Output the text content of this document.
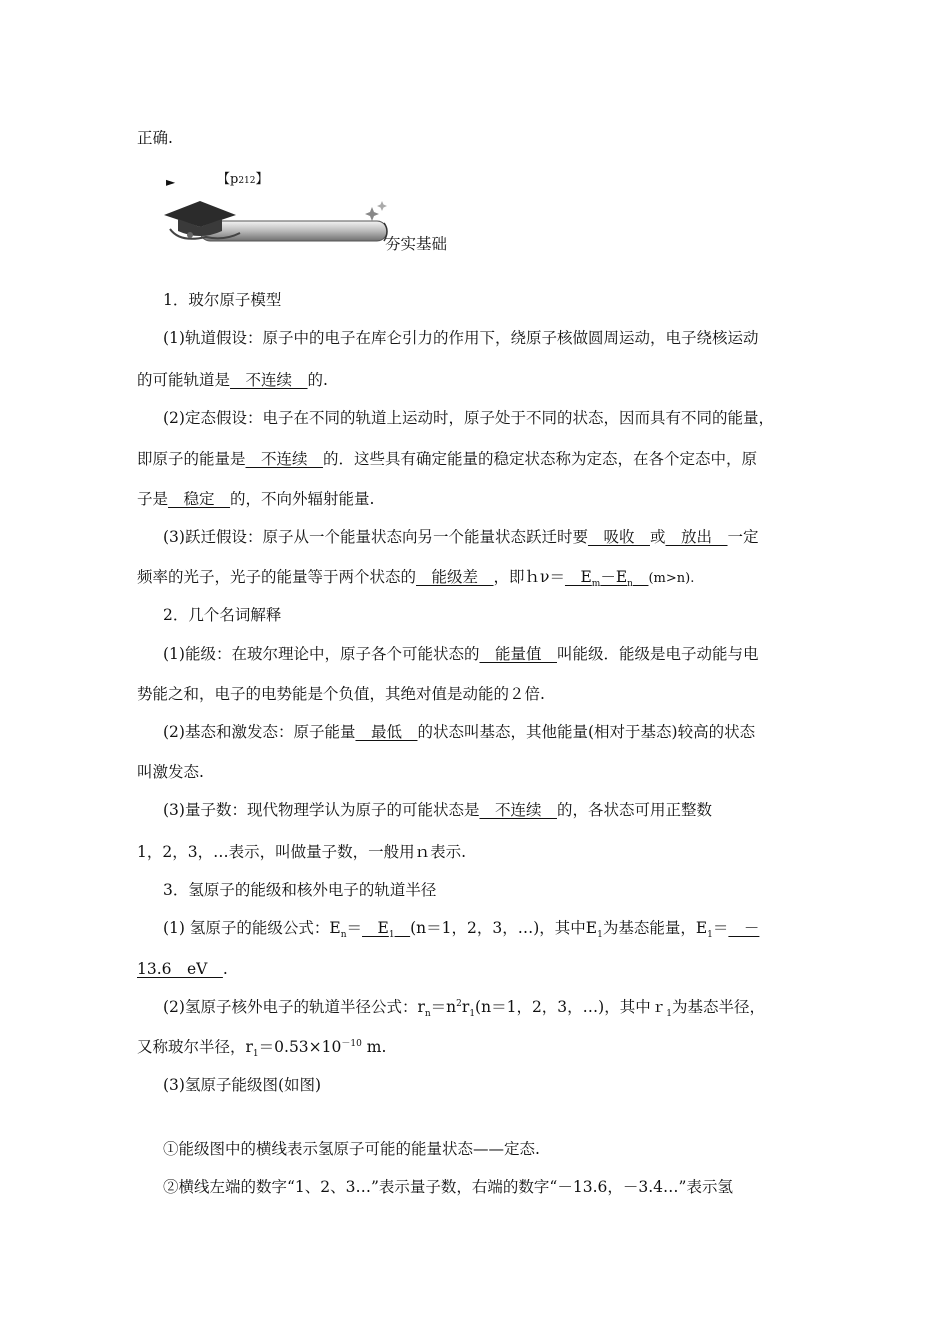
正确.
►	【p212】
夯实基础
1．玻尔原子模型
(1)轨道假设：原子中的电子在库仑引力的作用下，绕原子核做圆周运动，电子绕核运动
的可能轨道是　不连续　的.
(2)定态假设：电子在不同的轨道上运动时，原子处于不同的状态，因而具有不同的能量，
即原子的能量是　不连续　的．这些具有确定能量的稳定状态称为定态，在各个定态中，原
子是　稳定　的，不向外辐射能量.
(3)跃迁假设：原子从一个能量状态向另一个能量状态跃迁时要　吸收　或　放出　一定
频率的光子，光子的能量等于两个状态的　能级差　，即ｈν＝　$E_m-E_n$　 (m>n).
2．几个名词解释
(1)能级：在玻尔理论中，原子各个可能状态的　能量值　叫能级．能级是电子动能与电
势能之和，电子的电势能是个负值，其绝对值是动能的２倍.
(2)基态和激发态：原子能量　最低　的状态叫基态，其他能量(相对于基态)较高的状态
叫激发态.
(3)量子数：现代物理学认为原子的可能状态是　不连续　的，各状态可用正整数
1，2，3，…表示，叫做量子数，一般用ｎ表示.
3．氢原子的能级和核外电子的轨道半径
(1) 氢原子的能级公式：$E_n=$　$E_1$　 (n＝1，2，3，…)，其中$E_1$为基态能量，$E_1=$　－
13.6　eV　.
(2)氢原子核外电子的轨道半径公式：$r_n=n^2r_1(n=1$，2，3，…)，其中ｒ$_1$为基态半径，
又称玻尔半径，$r_1=0.53\times 10^{-10}$ m.
(3)氢原子能级图(如图)
①能级图中的横线表示氢原子可能的能量状态——定态.
②横线左端的数字“1、2、3…”表示量子数，右端的数字“－13.6，－3.4…”表示氢
